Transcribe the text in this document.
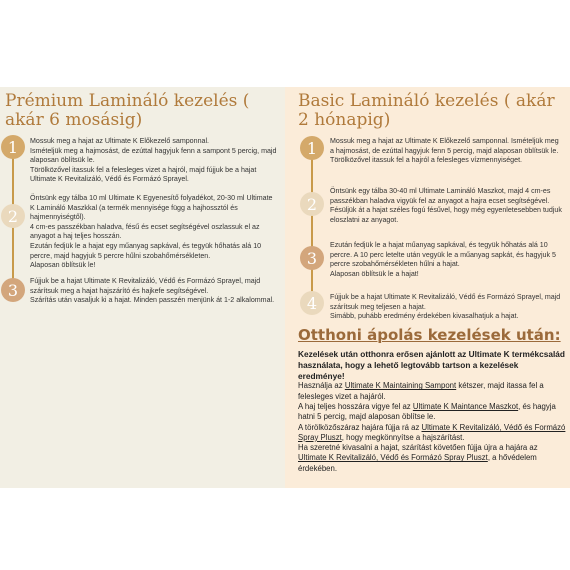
Prémium Lamináló kezelés ( akár 6 mosásig)
1 Mossuk meg a hajat az Ultimate K Előkezelő samponnal.
Ismételjük meg a hajmosást, de ezúttal hagyjuk fenn a sampont 5 percig, majd alaposan öblítsük le.
Törölközővel itassuk fel a felesleges vizet a hajról, majd fújjuk be a hajat Ultimate K Revitalizáló, Védő és Formázó Sprayel.
2
Öntsünk egy tálba 10 ml Ultimate K Egyenesítő folyadékot, 20-30 ml Ultimate K Lamináló Maszkkal (a termék mennyisége függ a hajhossztól és hajmennyiségtől).
4 cm-es passzékban haladva, fésű és ecset segítségével oszlassuk el az anyagot a haj teljes hosszán.
Ezután fedjük le a hajat egy műanyag sapkával, és tegyük hőhatás alá 10 percre, majd hagyjuk 5 percre hűlni szobahőmérsékleten.
Alaposan öblítsük le!
3 Fújjuk be a hajat Ultimate K Revitalizáló, Védő és Formázó Sprayel, majd szárítsuk meg a hajat hajszárító és hajkefe segítségével.
Szárítás után vasaljuk ki a hajat. Minden passzén menjünk át 1-2 alkalommal.
Basic Lamináló kezelés ( akár 2 hónapig)
1 Mossuk meg a hajat az Ultimate K Előkezelő samponnal. Ismételjük meg a hajmosást, de ezúttal hagyjuk fenn 5 percig, majd alaposan öblítsük le.
Törölközővel itassuk fel a hajról a felesleges vízmennyiséget.
2
Öntsünk egy tálba 30-40 ml Ultimate Lamináló Maszkot, majd 4 cm-es passzékban haladva vigyük fel az anyagot a hajra ecset segítségével.
Fésüljük át a hajat széles fogú fésűvel, hogy még egyenletesebben tudjuk eloszlatni az anyagot.
3
Ezután fedjük le a hajat műanyag sapkával, és tegyük hőhatás alá 10 percre. A 10 perc letelte után vegyük le a műanyag sapkát, és hagyjuk 5 percre szobahőmérsékleten hűlni a hajat.
Alaposan öblítsük le a hajat!
4 Fújjuk be a hajat Ultimate K Revitalizáló, Védő és Formázó Sprayel, majd szárítsuk meg teljesen a hajat.
Simább, puhább eredmény érdekében kivasalhatjuk a hajat.
Otthoni ápolás kezelések után:

Kezelések után otthonra erősen ajánlott az Ultimate K termékcsalád használata, hogy a lehető legtovább tartson a kezelések eredménye!

Használja az Ultimate K Maintaining Sampont kétszer, majd itassa fel a felesleges vizet a hajáról.

A haj teljes hosszára vigye fel az Ultimate K Maintance Maszkot, és hagyja hatni 5 percig, majd alaposan öblítse le.

A törölközőszáraz hajára fújja rá az Ultimate K Revitalizáló, Védő és Formázó Spray Pluszt, hogy megkönnyítse a hajszárítást.

Ha szeretné kivasalni a hajat, szárítást követően fújja újra a hajára az Ultimate K Revitalizáló, Védő és Formázó Spray Pluszt, a hővédelem érdekében.
